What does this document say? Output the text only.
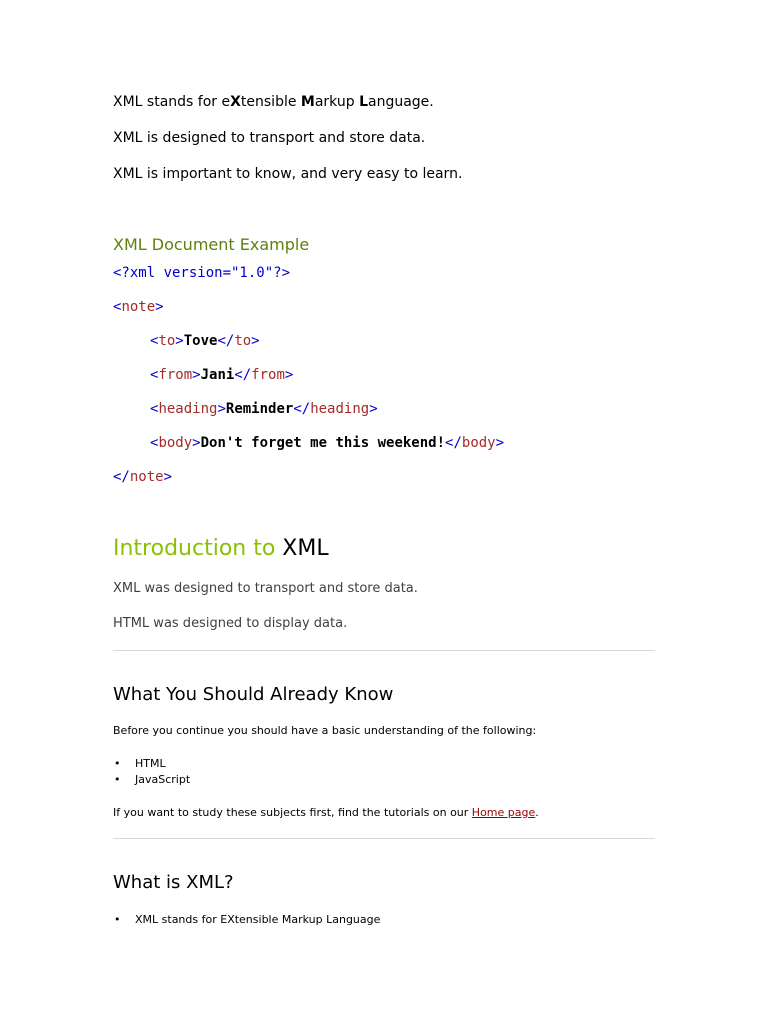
XML stands for eXtensible Markup Language.
XML is designed to transport and store data.
XML is important to know, and very easy to learn.
XML Document Example
<?xml version="1.0"?>
<note>
<to>Tove</to>
<from>Jani</from>
<heading>Reminder</heading>
<body>Don't forget me this weekend!</body>
</note>
Introduction to XML
XML was designed to transport and store data.
HTML was designed to display data.
What You Should Already Know
Before you continue you should have a basic understanding of the following:
• HTML
• JavaScript
If you want to study these subjects first, find the tutorials on our Home page.
What is XML?
• XML stands for EXtensible Markup Language
